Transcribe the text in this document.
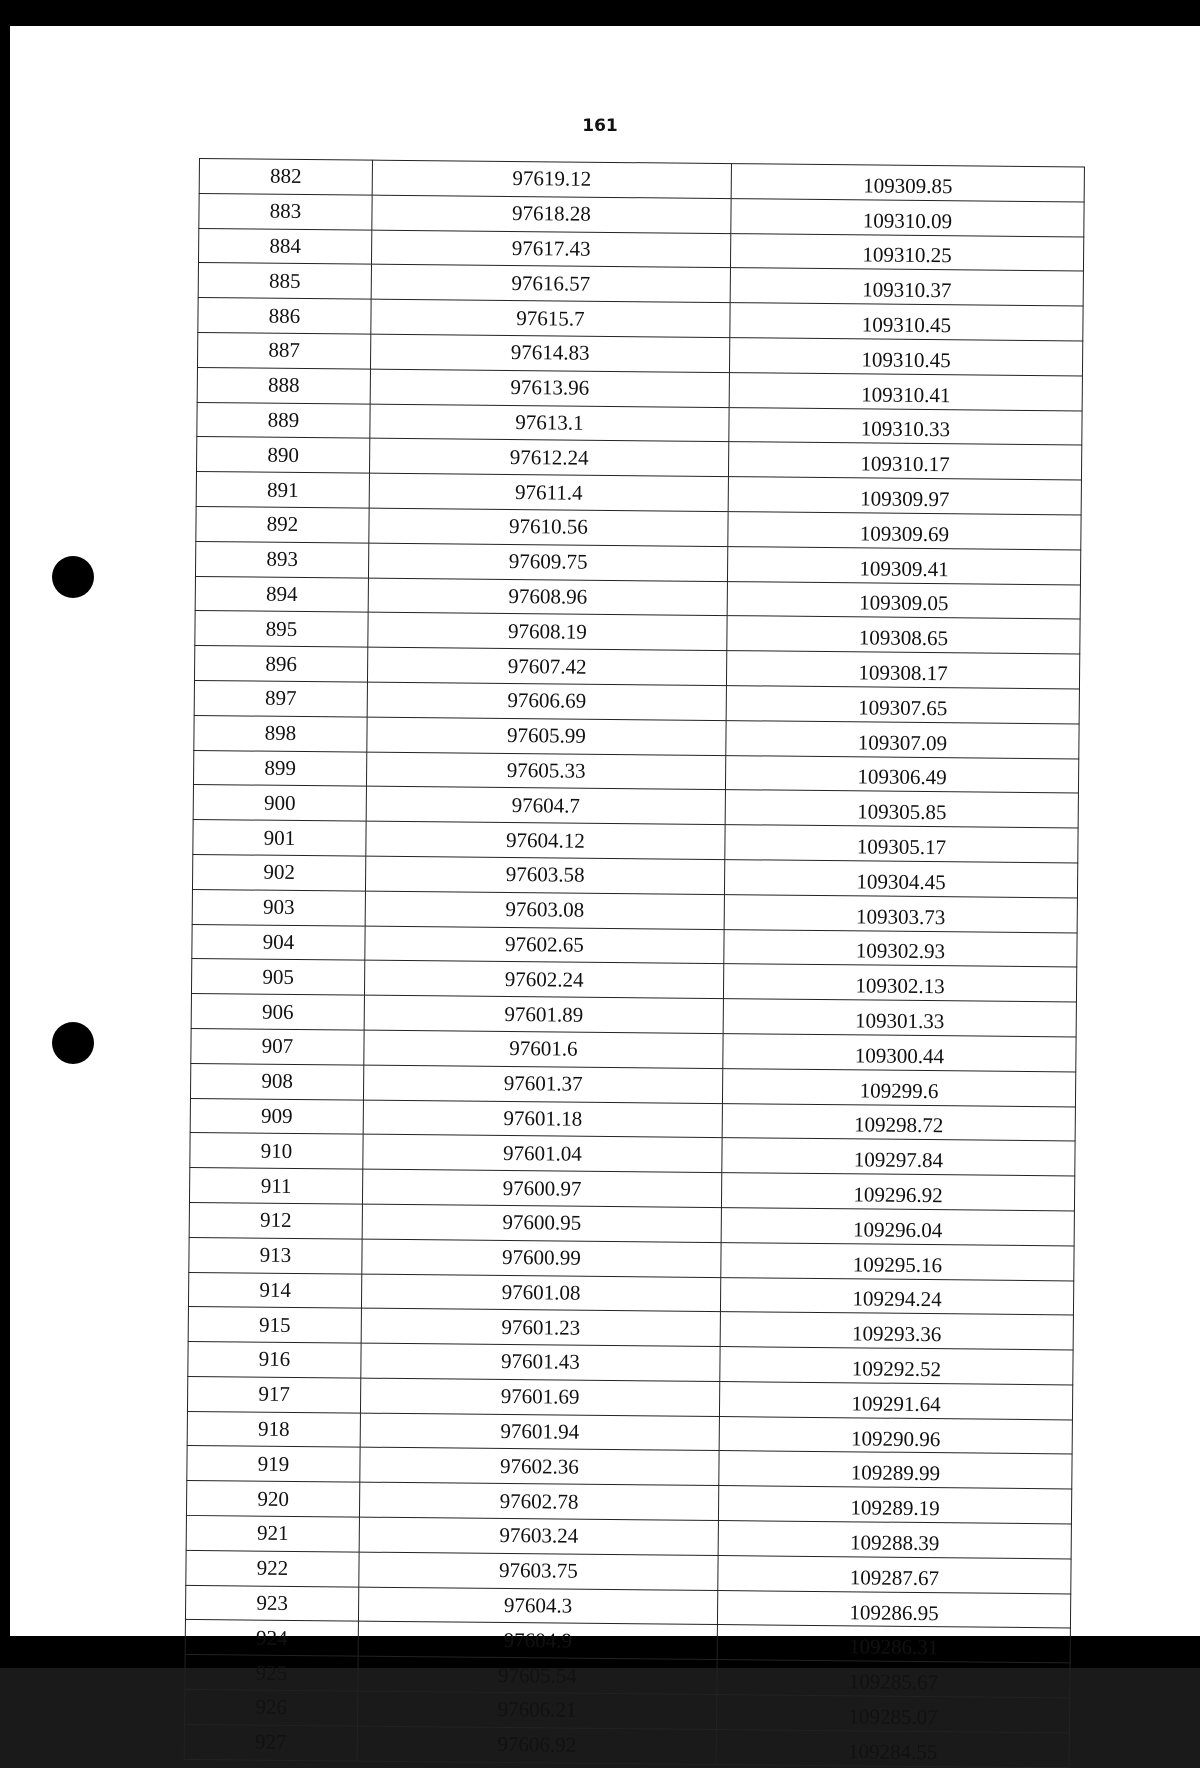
161
882	97619.12	109309.85
883	97618.28	109310.09
884	97617.43	109310.25
885	97616.57	109310.37
886	97615.7	109310.45
887	97614.83	109310.45
888	97613.96	109310.41
889	97613.1	109310.33
890	97612.24	109310.17
891	97611.4	109309.97
892	97610.56	109309.69
893	97609.75	109309.41
894	97608.96	109309.05
895	97608.19	109308.65
896	97607.42	109308.17
897	97606.69	109307.65
898	97605.99	109307.09
899	97605.33	109306.49
900	97604.7	109305.85
901	97604.12	109305.17
902	97603.58	109304.45
903	97603.08	109303.73
904	97602.65	109302.93
905	97602.24	109302.13
906	97601.89	109301.33
907	97601.6	109300.44
908	97601.37	109299.6
909	97601.18	109298.72
910	97601.04	109297.84
911	97600.97	109296.92
912	97600.95	109296.04
913	97600.99	109295.16
914	97601.08	109294.24
915	97601.23	109293.36
916	97601.43	109292.52
917	97601.69	109291.64
918	97601.94	109290.96
919	97602.36	109289.99
920	97602.78	109289.19
921	97603.24	109288.39
922	97603.75	109287.67
923	97604.3	109286.95
924	97604.9	109286.31
925	97605.54	109285.67
926	97606.21	109285.07
927	97606.92	109284.55
